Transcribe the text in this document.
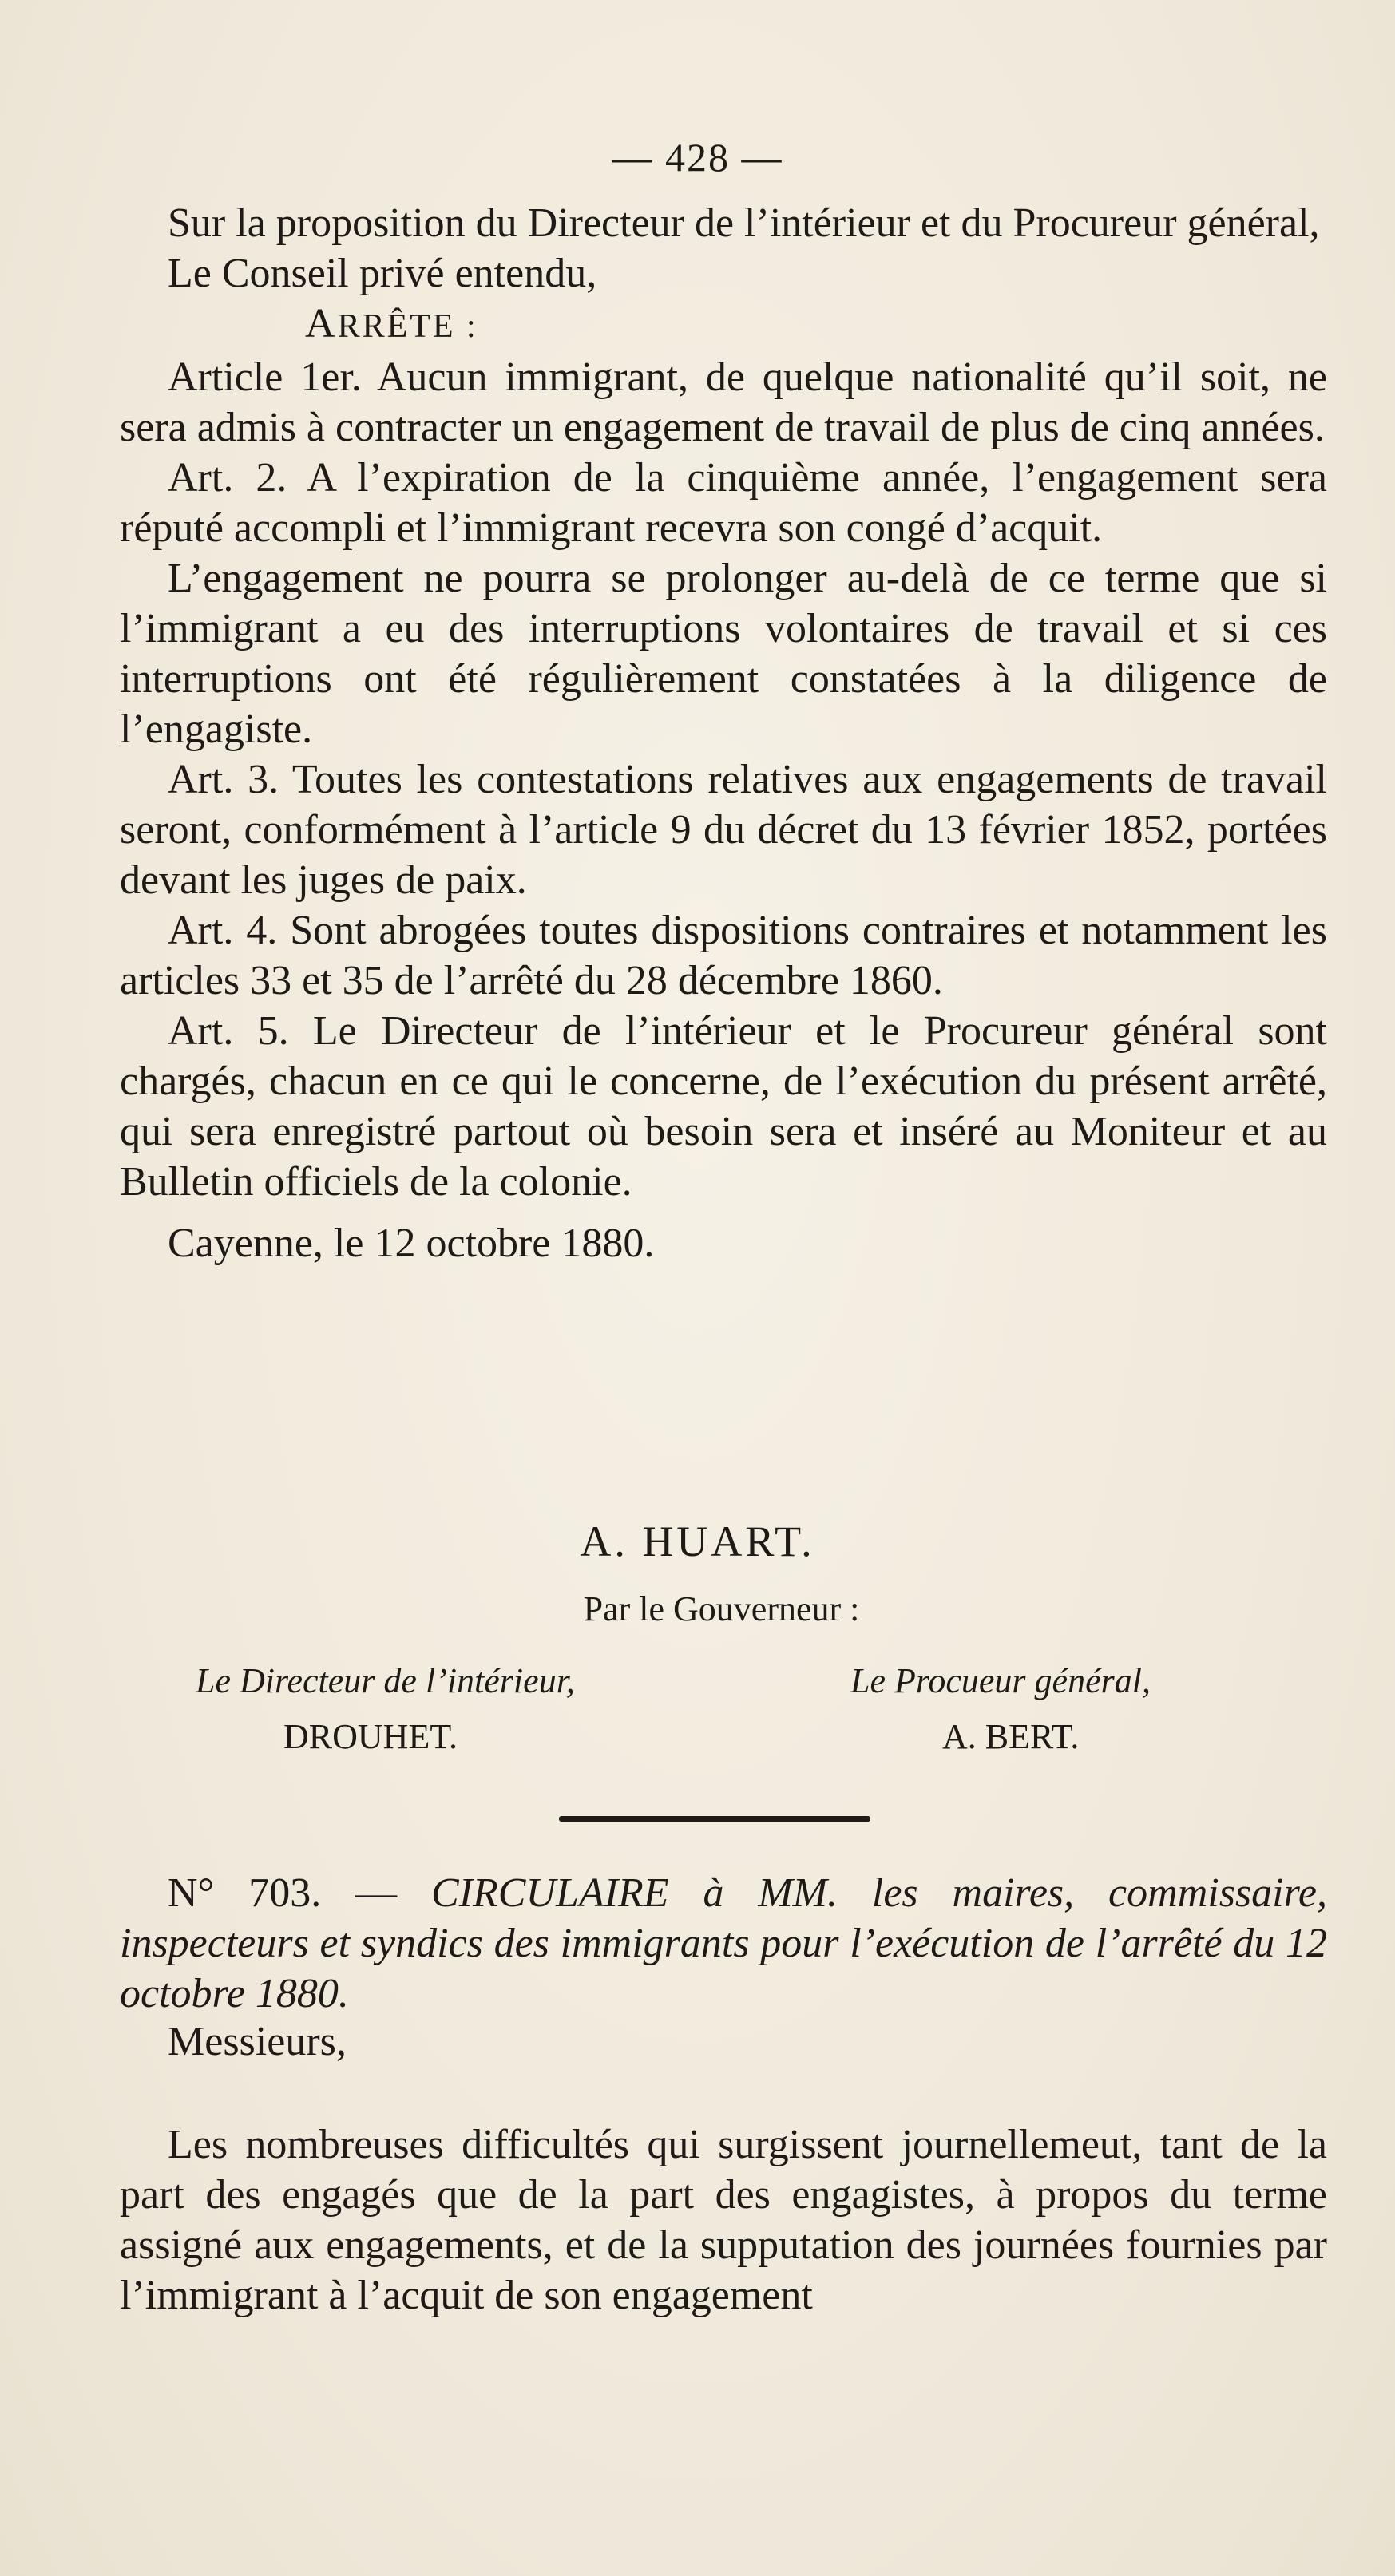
— 428 —

Sur la proposition du Directeur de l’intérieur et du Procureur général,

Le Conseil privé entendu,

ARRÊTE :

Article 1er. Aucun immigrant, de quelque nationalité qu’il soit, ne sera admis à contracter un engagement de travail de plus de cinq années.

Art. 2. A l’expiration de la cinquième année, l’engagement sera réputé accompli et l’immigrant recevra son congé d’acquit.

L’engagement ne pourra se prolonger au-delà de ce terme que si l’immigrant a eu des interruptions volontaires de travail et si ces interruptions ont été régulièrement constatées à la diligence de l’engagiste.

Art. 3. Toutes les contestations relatives aux engagements de travail seront, conformément à l’article 9 du décret du 13 février 1852, portées devant les juges de paix.

Art. 4. Sont abrogées toutes dispositions contraires et notamment les articles 33 et 35 de l’arrêté du 28 décembre 1860.

Art. 5. Le Directeur de l’intérieur et le Procureur général sont chargés, chacun en ce qui le concerne, de l’exécution du présent arrêté, qui sera enregistré partout où besoin sera et inséré au Moniteur et au Bulletin officiels de la colonie.

Cayenne, le 12 octobre 1880.

A. HUART.
Par le Gouverneur :
Le Directeur de l’intérieur,
DROUHET.
Le Procueur général,
A. BERT.

N° 703. — CIRCULAIRE à MM. les maires, commissaire, inspecteurs et syndics des immigrants pour l’exécution de l’arrêté du 12 octobre 1880.

Messieurs,

Les nombreuses difficultés qui surgissent journellemeut, tant de la part des engagés que de la part des engagistes, à propos du terme assigné aux engagements, et de la supputation des journées fournies par l’immigrant à l’acquit de son engagement
